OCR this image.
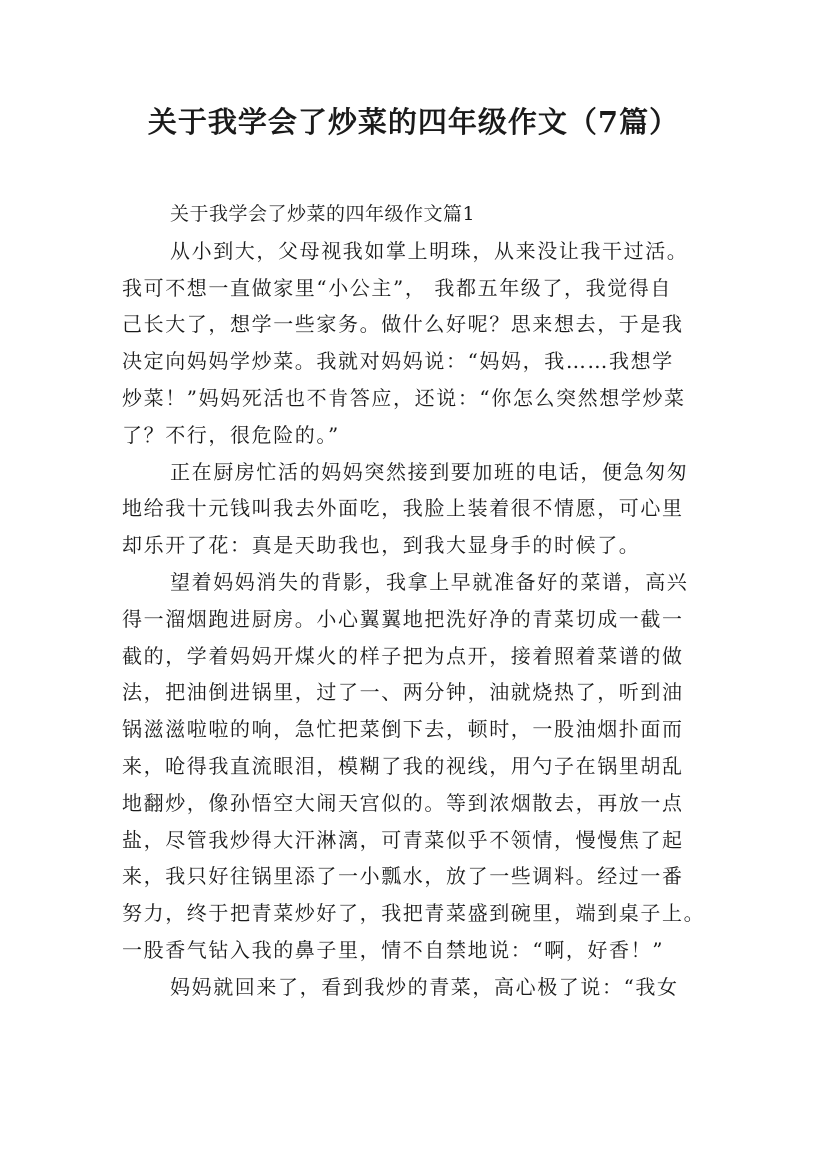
关于我学会了炒菜的四年级作文（7篇）
关于我学会了炒菜的四年级作文篇1
从小到大，父母视我如掌上明珠，从来没让我干过活。
我可不想一直做家里“小公主”， 我都五年级了，我觉得自
己长大了，想学一些家务。做什么好呢？思来想去，于是我
决定向妈妈学炒菜。我就对妈妈说：“妈妈，我……我想学
炒菜！”妈妈死活也不肯答应，还说：“你怎么突然想学炒菜
了？不行，很危险的。”
正在厨房忙活的妈妈突然接到要加班的电话，便急匆匆
地给我十元钱叫我去外面吃，我脸上装着很不情愿，可心里
却乐开了花：真是天助我也，到我大显身手的时候了。
望着妈妈消失的背影，我拿上早就准备好的菜谱，高兴
得一溜烟跑进厨房。小心翼翼地把洗好净的青菜切成一截一
截的，学着妈妈开煤火的样子把为点开，接着照着菜谱的做
法，把油倒进锅里，过了一、两分钟，油就烧热了，听到油
锅滋滋啦啦的响，急忙把菜倒下去，顿时，一股油烟扑面而
来，呛得我直流眼泪，模糊了我的视线，用勺子在锅里胡乱
地翻炒，像孙悟空大闹天宫似的。等到浓烟散去，再放一点
盐，尽管我炒得大汗淋漓，可青菜似乎不领情，慢慢焦了起
来，我只好往锅里添了一小瓢水，放了一些调料。经过一番
努力，终于把青菜炒好了，我把青菜盛到碗里，端到桌子上。
一股香气钻入我的鼻子里，情不自禁地说：“啊，好香！”
妈妈就回来了，看到我炒的青菜，高心极了说：“我女
